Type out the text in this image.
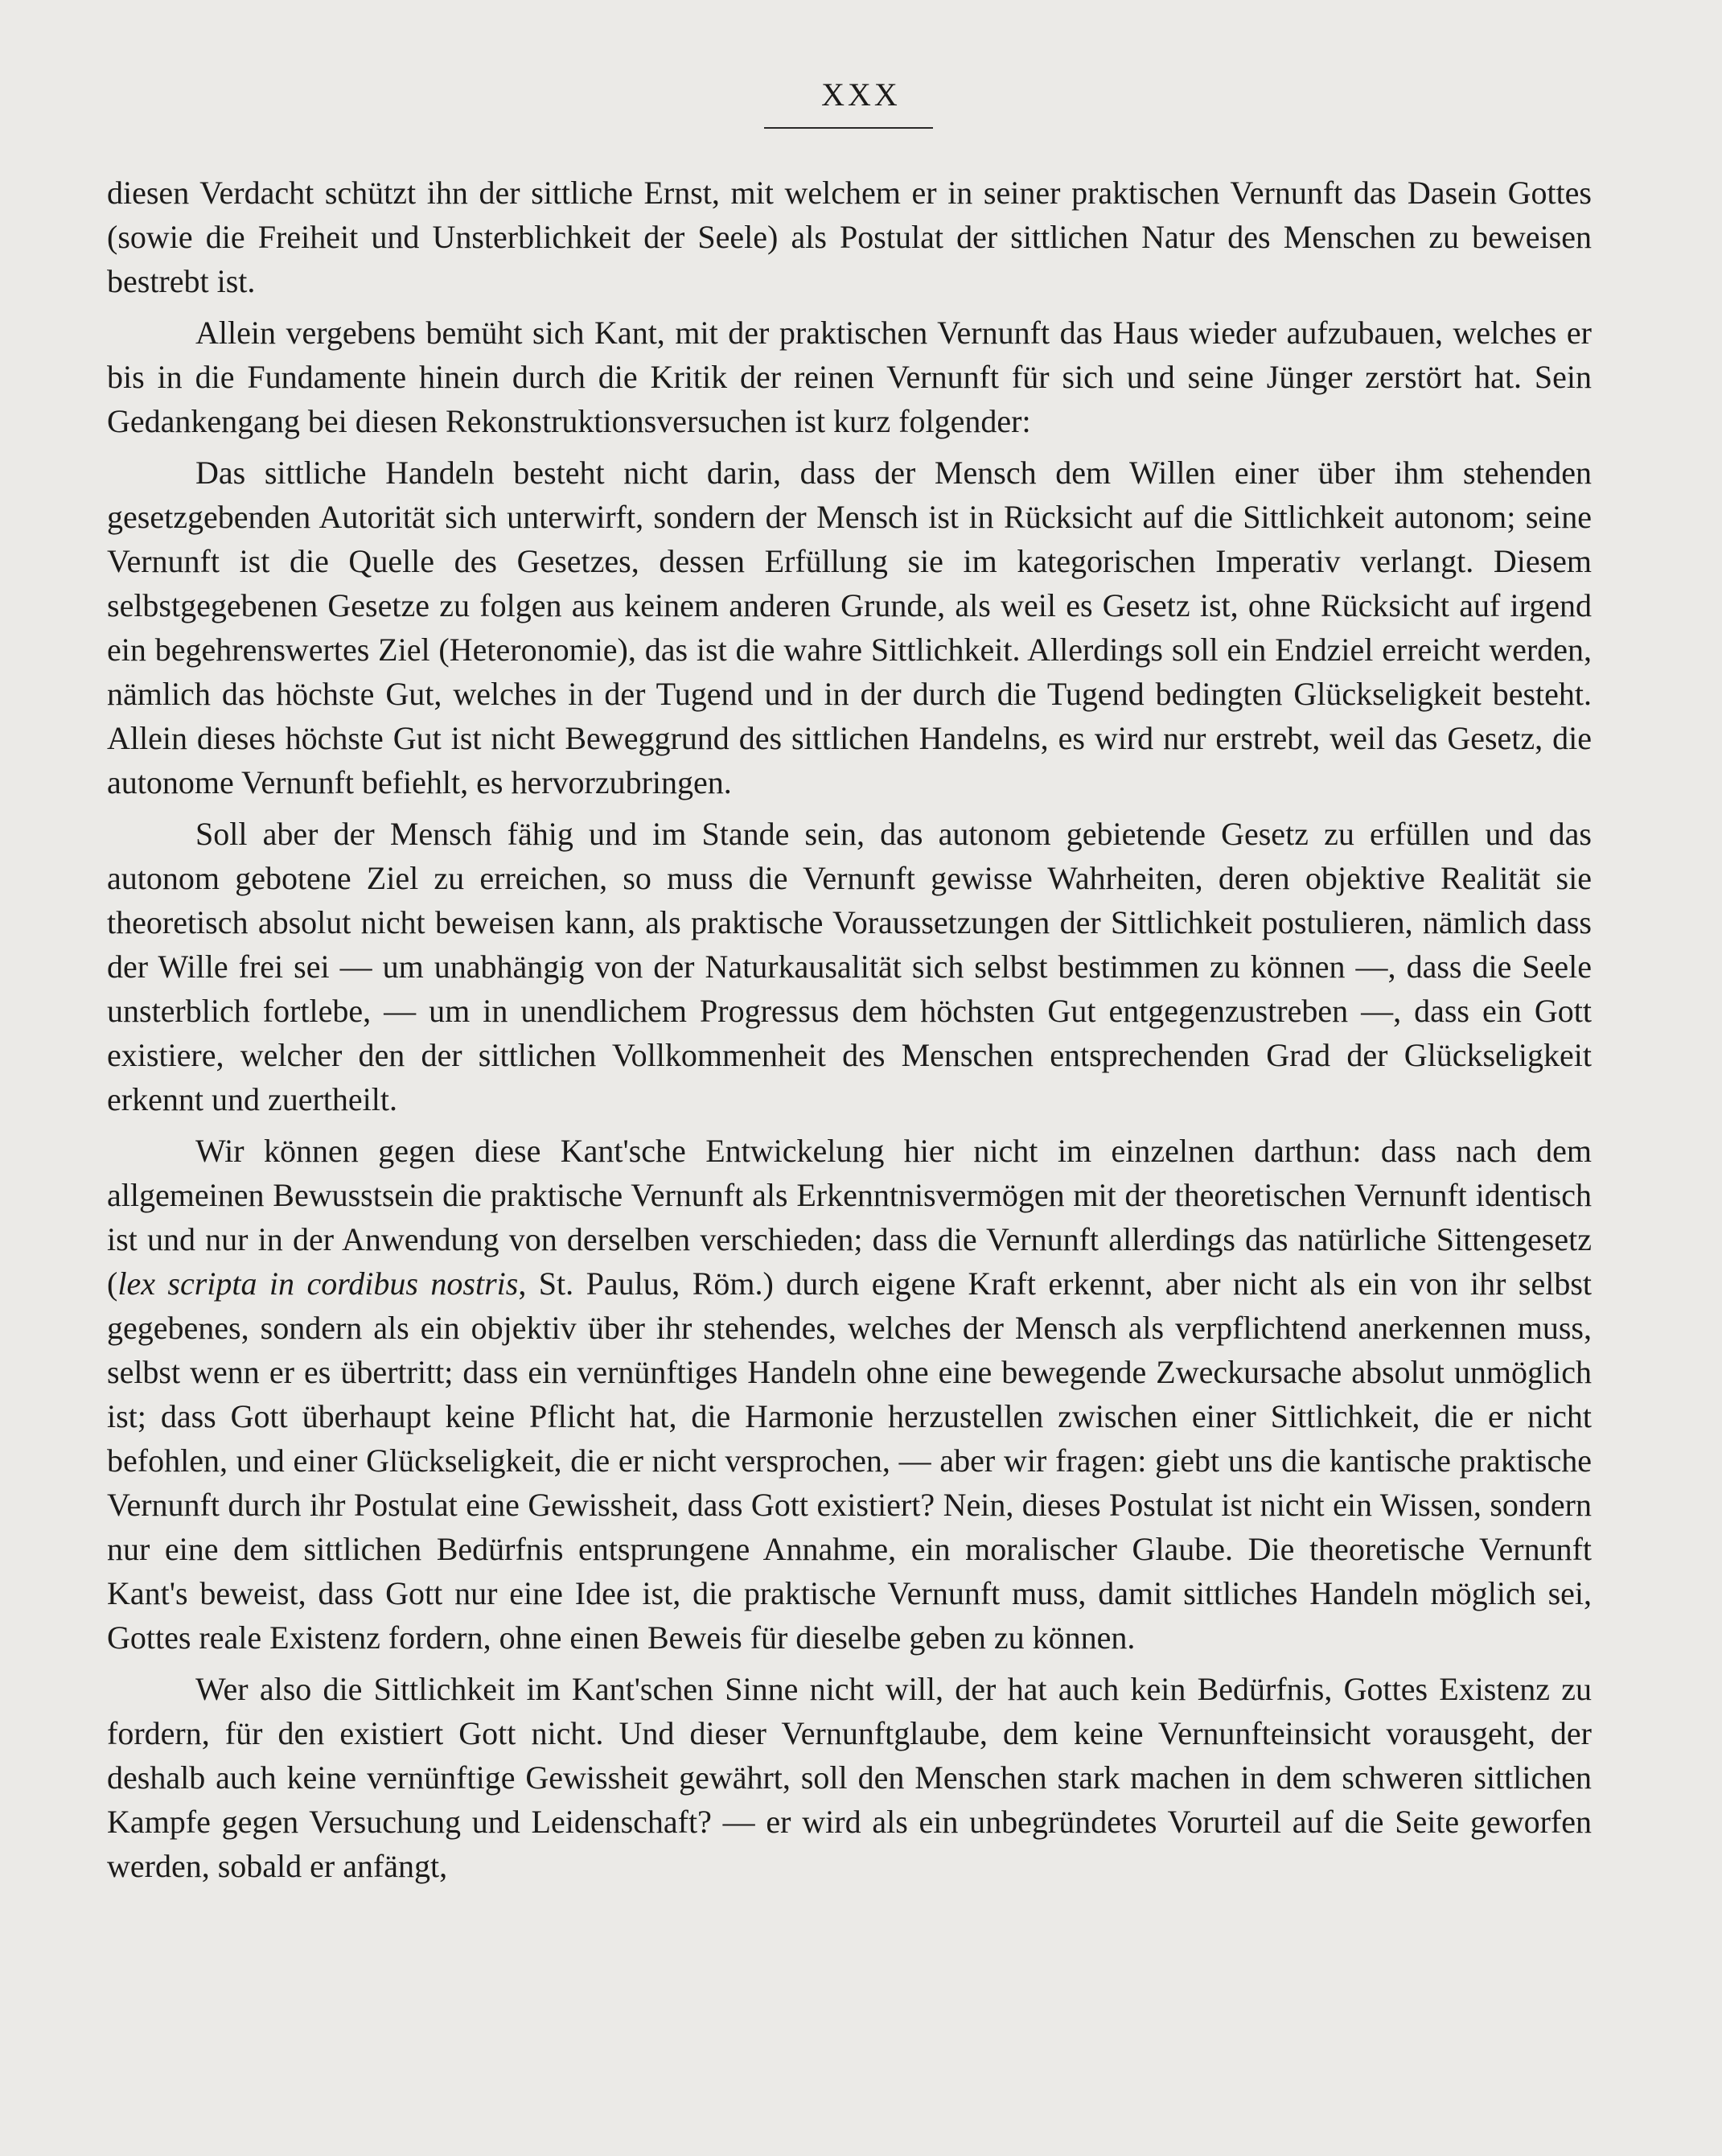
XXX

diesen Verdacht schützt ihn der sittliche Ernst, mit welchem er in seiner praktischen Vernunft das Dasein Gottes (sowie die Freiheit und Unsterblichkeit der Seele) als Postulat der sittlichen Natur des Menschen zu beweisen bestrebt ist.

Allein vergebens bemüht sich Kant, mit der praktischen Vernunft das Haus wieder aufzubauen, welches er bis in die Fundamente hinein durch die Kritik der reinen Vernunft für sich und seine Jünger zerstört hat. Sein Gedankengang bei diesen Rekonstruktionsversuchen ist kurz folgender:

Das sittliche Handeln besteht nicht darin, dass der Mensch dem Willen einer über ihm stehenden gesetzgebenden Autorität sich unterwirft, sondern der Mensch ist in Rücksicht auf die Sittlichkeit autonom; seine Vernunft ist die Quelle des Gesetzes, dessen Erfüllung sie im kategorischen Imperativ verlangt. Diesem selbstgegebenen Gesetze zu folgen aus keinem anderen Grunde, als weil es Gesetz ist, ohne Rücksicht auf irgend ein begehrenswertes Ziel (Heteronomie), das ist die wahre Sittlichkeit. Allerdings soll ein Endziel erreicht werden, nämlich das höchste Gut, welches in der Tugend und in der durch die Tugend bedingten Glückseligkeit besteht. Allein dieses höchste Gut ist nicht Beweggrund des sittlichen Handelns, es wird nur erstrebt, weil das Gesetz, die autonome Vernunft befiehlt, es hervorzubringen.

Soll aber der Mensch fähig und im Stande sein, das autonom gebietende Gesetz zu erfüllen und das autonom gebotene Ziel zu erreichen, so muss die Vernunft gewisse Wahrheiten, deren objektive Realität sie theoretisch absolut nicht beweisen kann, als praktische Voraussetzungen der Sittlichkeit postulieren, nämlich dass der Wille frei sei — um unabhängig von der Naturkausalität sich selbst bestimmen zu können —, dass die Seele unsterblich fortlebe, — um in unendlichem Progressus dem höchsten Gut entgegenzustreben —, dass ein Gott existiere, welcher den der sittlichen Vollkommenheit des Menschen entsprechenden Grad der Glückseligkeit erkennt und zuertheilt.

Wir können gegen diese Kant'sche Entwickelung hier nicht im einzelnen darthun: dass nach dem allgemeinen Bewusstsein die praktische Vernunft als Erkenntnisvermögen mit der theoretischen Vernunft identisch ist und nur in der Anwendung von derselben verschieden; dass die Vernunft allerdings das natürliche Sittengesetz (lex scripta in cordibus nostris, St. Paulus, Röm.) durch eigene Kraft erkennt, aber nicht als ein von ihr selbst gegebenes, sondern als ein objektiv über ihr stehendes, welches der Mensch als verpflichtend anerkennen muss, selbst wenn er es übertritt; dass ein vernünftiges Handeln ohne eine bewegende Zweckursache absolut unmöglich ist; dass Gott überhaupt keine Pflicht hat, die Harmonie herzustellen zwischen einer Sittlichkeit, die er nicht befohlen, und einer Glückseligkeit, die er nicht versprochen, — aber wir fragen: giebt uns die kantische praktische Vernunft durch ihr Postulat eine Gewissheit, dass Gott existiert? Nein, dieses Postulat ist nicht ein Wissen, sondern nur eine dem sittlichen Bedürfnis entsprungene Annahme, ein moralischer Glaube. Die theoretische Vernunft Kant's beweist, dass Gott nur eine Idee ist, die praktische Vernunft muss, damit sittliches Handeln möglich sei, Gottes reale Existenz fordern, ohne einen Beweis für dieselbe geben zu können.

Wer also die Sittlichkeit im Kant'schen Sinne nicht will, der hat auch kein Bedürfnis, Gottes Existenz zu fordern, für den existiert Gott nicht. Und dieser Vernunftglaube, dem keine Vernunfteinsicht vorausgeht, der deshalb auch keine vernünftige Gewissheit gewährt, soll den Menschen stark machen in dem schweren sittlichen Kampfe gegen Versuchung und Leidenschaft? — er wird als ein unbegründetes Vorurteil auf die Seite geworfen werden, sobald er anfängt,
